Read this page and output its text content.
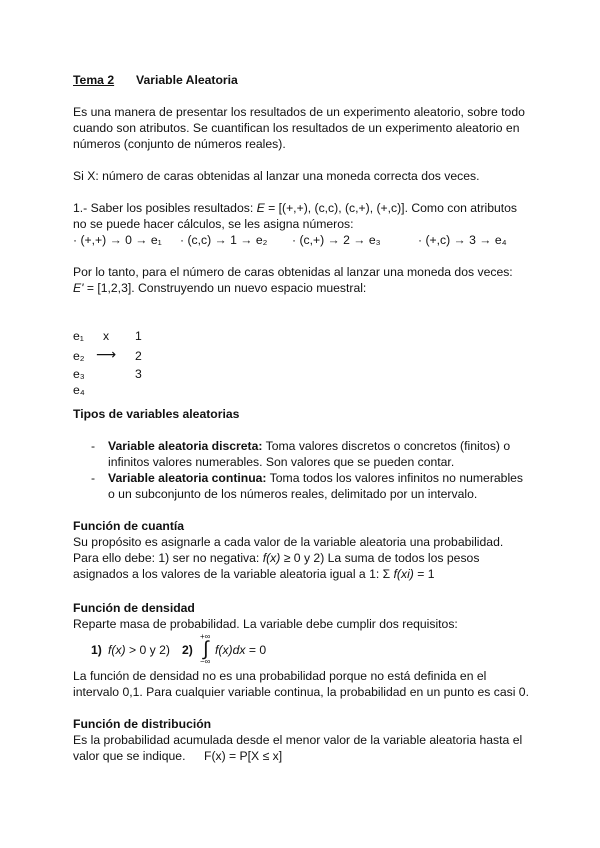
Tema 2 Variable Aleatoria
Es una manera de presentar los resultados de un experimento aleatorio, sobre todo
cuando son atributos. Se cuantifican los resultados de un experimento aleatorio en
números (conjunto de números reales).
Si X: número de caras obtenidas al lanzar una moneda correcta dos veces.
1.- Saber los posibles resultados: E = [(+,+), (c,c), (c,+), (+,c)]. Como con atributos
no se puede hacer cálculos, se les asigna números:
· (+,+) → 0 → e₁ · (c,c) → 1 → e₂ · (c,+) → 2 → e₃	· (+,c) → 3 → e₄
Por lo tanto, para el número de caras obtenidas al lanzar una moneda dos veces:
E' = [1,2,3]. Construyendo un nuevo espacio muestral:
e₁ x 1
e₂ ⟶ 2
e₃	3
e₄
Tipos de variables aleatorias
- Variable aleatoria discreta: Toma valores discretos o concretos (finitos) o
infinitos valores numerables. Son valores que se pueden contar.
- Variable aleatoria continua: Toma todos los valores infinitos no numerables
o un subconjunto de los números reales, delimitado por un intervalo.
Función de cuantía
Su propósito es asignarle a cada valor de la variable aleatoria una probabilidad.
Para ello debe: 1) ser no negativa: f(x) ≥ 0 y 2) La suma de todos los pesos
asignados a los valores de la variable aleatoria igual a 1: Σ f(xi) = 1
Función de densidad
Reparte masa de probabilidad. La variable debe cumplir dos requisitos:
1) f(x) > 0 y 2) 2)
+∞
∫
−∞
f(x)dx = 0
La función de densidad no es una probabilidad porque no está definida en el
intervalo 0,1. Para cualquier variable continua, la probabilidad en un punto es casi 0.
Función de distribución
Es la probabilidad acumulada desde el menor valor de la variable aleatoria hasta el
valor que se indique. F(x) = P[X ≤ x]
